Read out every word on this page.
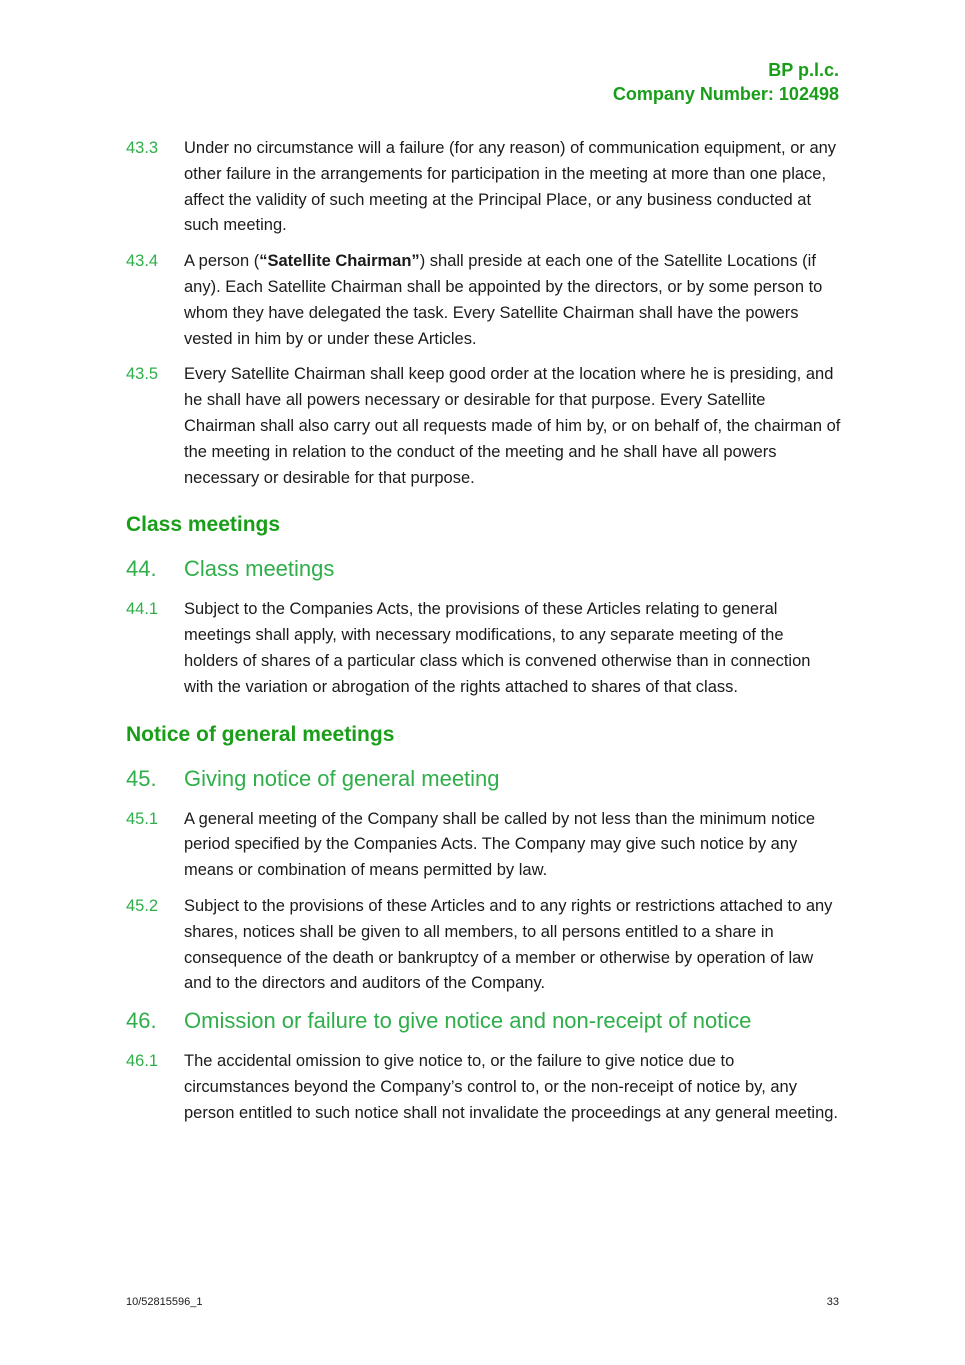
BP p.l.c.
Company Number: 102498
43.3 Under no circumstance will a failure (for any reason) of communication equipment, or any other failure in the arrangements for participation in the meeting at more than one place, affect the validity of such meeting at the Principal Place, or any business conducted at such meeting.
43.4 A person (“Satellite Chairman”) shall preside at each one of the Satellite Locations (if any). Each Satellite Chairman shall be appointed by the directors, or by some person to whom they have delegated the task. Every Satellite Chairman shall have the powers vested in him by or under these Articles.
43.5 Every Satellite Chairman shall keep good order at the location where he is presiding, and he shall have all powers necessary or desirable for that purpose. Every Satellite Chairman shall also carry out all requests made of him by, or on behalf of, the chairman of the meeting in relation to the conduct of the meeting and he shall have all powers necessary or desirable for that purpose.
Class meetings
44. Class meetings
44.1 Subject to the Companies Acts, the provisions of these Articles relating to general meetings shall apply, with necessary modifications, to any separate meeting of the holders of shares of a particular class which is convened otherwise than in connection with the variation or abrogation of the rights attached to shares of that class.
Notice of general meetings
45. Giving notice of general meeting
45.1 A general meeting of the Company shall be called by not less than the minimum notice period specified by the Companies Acts. The Company may give such notice by any means or combination of means permitted by law.
45.2 Subject to the provisions of these Articles and to any rights or restrictions attached to any shares, notices shall be given to all members, to all persons entitled to a share in consequence of the death or bankruptcy of a member or otherwise by operation of law and to the directors and auditors of the Company.
46. Omission or failure to give notice and non-receipt of notice
46.1 The accidental omission to give notice to, or the failure to give notice due to circumstances beyond the Company’s control to, or the non-receipt of notice by, any person entitled to such notice shall not invalidate the proceedings at any general meeting.
10/52815596_1	33
